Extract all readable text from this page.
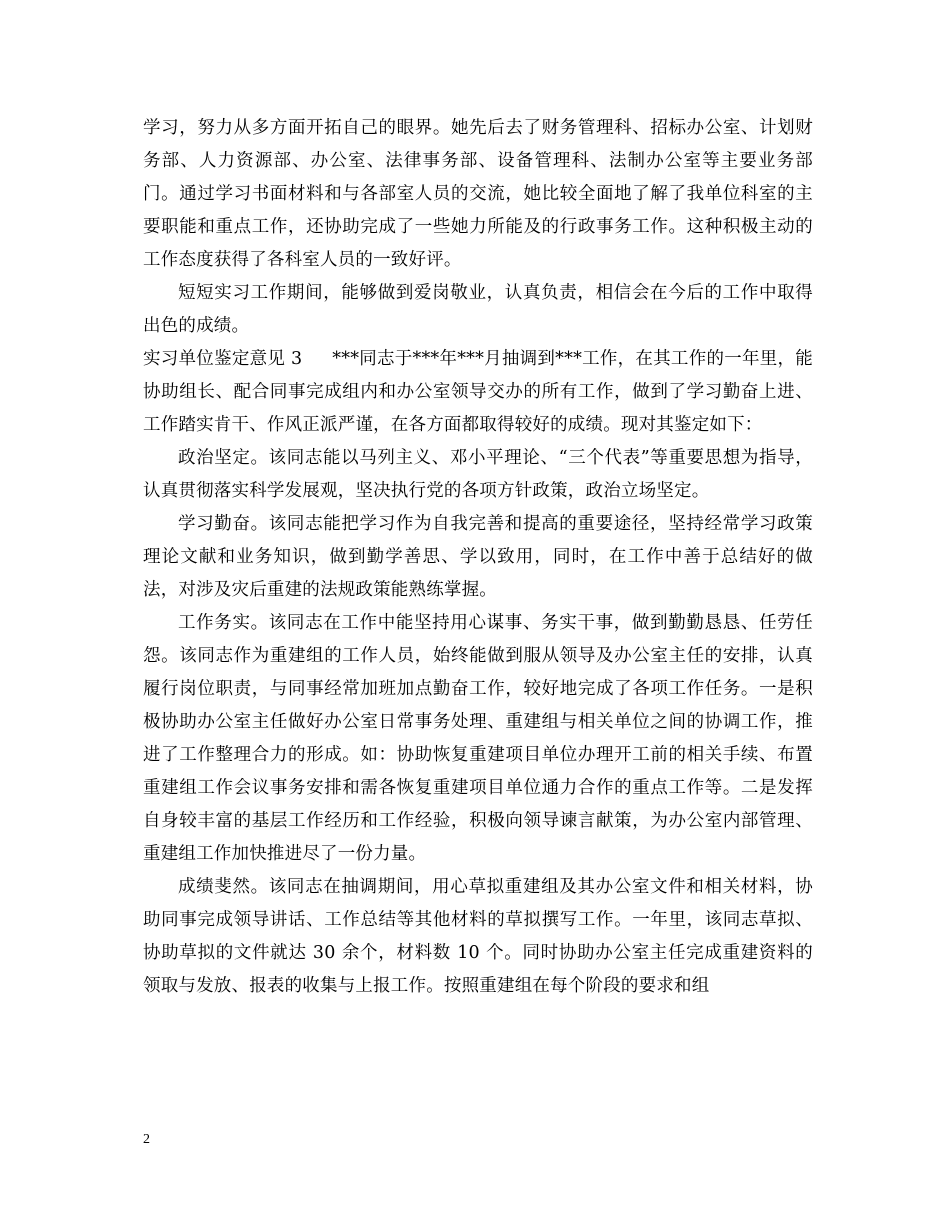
学习，努力从多方面开拓自己的眼界。她先后去了财务管理科、招标办公室、计划财务部、人力资源部、办公室、法律事务部、设备管理科、法制办公室等主要业务部门。通过学习书面材料和与各部室人员的交流，她比较全面地了解了我单位科室的主要职能和重点工作，还协助完成了一些她力所能及的行政事务工作。这种积极主动的工作态度获得了各科室人员的一致好评。

短短实习工作期间，能够做到爱岗敬业，认真负责，相信会在今后的工作中取得出色的成绩。

实习单位鉴定意见 3 ***同志于***年***月抽调到***工作，在其工作的一年里，能协助组长、配合同事完成组内和办公室领导交办的所有工作，做到了学习勤奋上进、工作踏实肯干、作风正派严谨，在各方面都取得较好的成绩。现对其鉴定如下：

政治坚定。该同志能以马列主义、邓小平理论、“三个代表”等重要思想为指导，认真贯彻落实科学发展观，坚决执行党的各项方针政策，政治立场坚定。

学习勤奋。该同志能把学习作为自我完善和提高的重要途径，坚持经常学习政策理论文献和业务知识，做到勤学善思、学以致用，同时，在工作中善于总结好的做法，对涉及灾后重建的法规政策能熟练掌握。

工作务实。该同志在工作中能坚持用心谋事、务实干事，做到勤勤恳恳、任劳任怨。该同志作为重建组的工作人员，始终能做到服从领导及办公室主任的安排，认真履行岗位职责，与同事经常加班加点勤奋工作，较好地完成了各项工作任务。一是积极协助办公室主任做好办公室日常事务处理、重建组与相关单位之间的协调工作，推进了工作整理合力的形成。如：协助恢复重建项目单位办理开工前的相关手续、布置重建组工作会议事务安排和需各恢复重建项目单位通力合作的重点工作等。二是发挥自身较丰富的基层工作经历和工作经验，积极向领导谏言献策，为办公室内部管理、重建组工作加快推进尽了一份力量。

成绩斐然。该同志在抽调期间，用心草拟重建组及其办公室文件和相关材料，协助同事完成领导讲话、工作总结等其他材料的草拟撰写工作。一年里，该同志草拟、协助草拟的文件就达 30 余个，材料数 10 个。同时协助办公室主任完成重建资料的领取与发放、报表的收集与上报工作。按照重建组在每个阶段的要求和组

2
